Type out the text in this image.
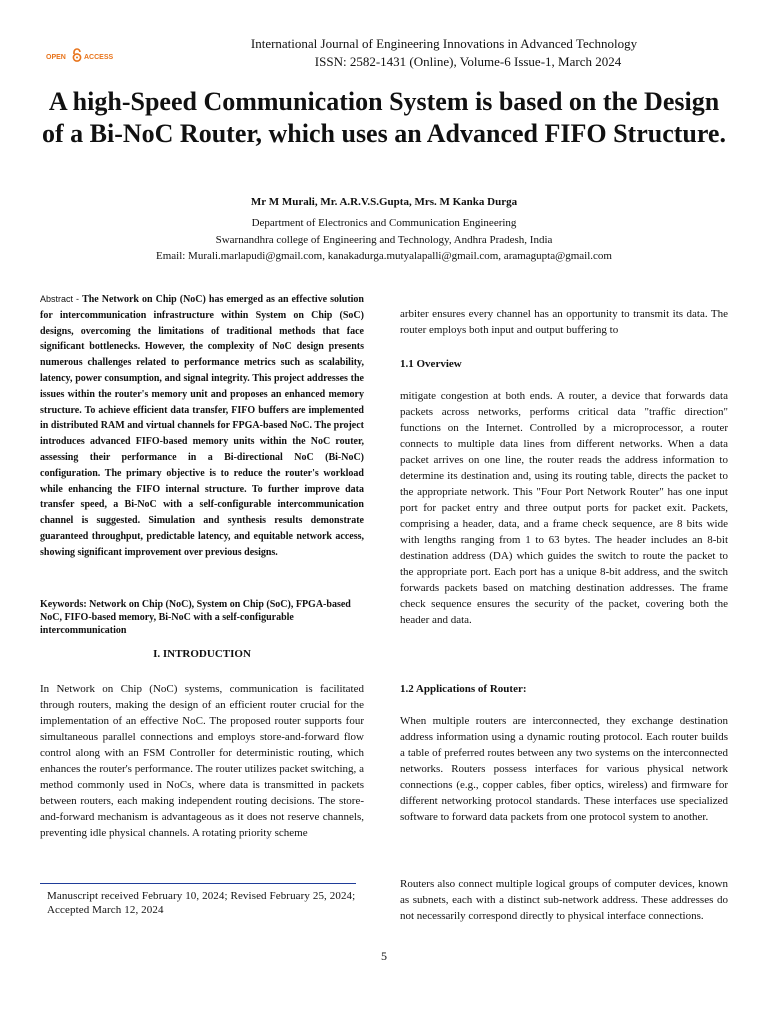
OPEN	ACCESS
International Journal of Engineering Innovations in Advanced Technology
ISSN: 2582-1431 (Online), Volume-6 Issue-1, March 2024
A high-Speed Communication System is based on the Design of a Bi-NoC Router, which uses an Advanced FIFO Structure.
Mr M Murali, Mr. A.R.V.S.Gupta, Mrs. M Kanka Durga
Department of Electronics and Communication Engineering
Swarnandhra college of Engineering and Technology, Andhra Pradesh, India
Email: Murali.marlapudi@gmail.com, kanakadurga.mutyalapalli@gmail.com, aramagupta@gmail.com

Abstract - The Network on Chip (NoC) has emerged as an effective solution for intercommunication infrastructure within System on Chip (SoC) designs, overcoming the limitations of traditional methods that face significant bottlenecks. However, the complexity of NoC design presents numerous challenges related to performance metrics such as scalability, latency, power consumption, and signal integrity. This project addresses the issues within the router's memory unit and proposes an enhanced memory structure. To achieve efficient data transfer, FIFO buffers are implemented in distributed RAM and virtual channels for FPGA-based NoC. The project introduces advanced FIFO-based memory units within the NoC router, assessing their performance in a Bi-directional NoC (Bi-NoC) configuration. The primary objective is to reduce the router's workload while enhancing the FIFO internal structure. To further improve data transfer speed, a Bi-NoC with a self-configurable intercommunication channel is suggested. Simulation and synthesis results demonstrate guaranteed throughput, predictable latency, and equitable network access, showing significant improvement over previous designs.

Keywords: Network on Chip (NoC), System on Chip (SoC), FPGA-based NoC, FIFO-based memory, Bi-NoC with a self-configurable intercommunication

I. INTRODUCTION

In Network on Chip (NoC) systems, communication is facilitated through routers, making the design of an efficient router crucial for the implementation of an effective NoC. The proposed router supports four simultaneous parallel connections and employs store-and-forward flow control along with an FSM Controller for deterministic routing, which enhances the router's performance. The router utilizes packet switching, a method commonly used in NoCs, where data is transmitted in packets between routers, each making independent routing decisions. The store-and-forward mechanism is advantageous as it does not reserve channels, preventing idle physical channels. A rotating priority scheme

Manuscript received February 10, 2024; Revised February 25, 2024; Accepted March 12, 2024

arbiter ensures every channel has an opportunity to transmit its data. The router employs both input and output buffering to

1.1 Overview

mitigate congestion at both ends. A router, a device that forwards data packets across networks, performs critical data "traffic direction" functions on the Internet. Controlled by a microprocessor, a router connects to multiple data lines from different networks. When a data packet arrives on one line, the router reads the address information to determine its destination and, using its routing table, directs the packet to the appropriate network. This "Four Port Network Router" has one input port for packet entry and three output ports for packet exit. Packets, comprising a header, data, and a frame check sequence, are 8 bits wide with lengths ranging from 1 to 63 bytes. The header includes an 8-bit destination address (DA) which guides the switch to route the packet to the appropriate port. Each port has a unique 8-bit address, and the switch forwards packets based on matching destination addresses. The frame check sequence ensures the security of the packet, covering both the header and data.

1.2 Applications of Router:

When multiple routers are interconnected, they exchange destination address information using a dynamic routing protocol. Each router builds a table of preferred routes between any two systems on the interconnected networks. Routers possess interfaces for various physical network connections (e.g., copper cables, fiber optics, wireless) and firmware for different networking protocol standards. These interfaces use specialized software to forward data packets from one protocol system to another.

Routers also connect multiple logical groups of computer devices, known as subnets, each with a distinct sub-network address. These addresses do not necessarily correspond directly to physical interface connections.

5
